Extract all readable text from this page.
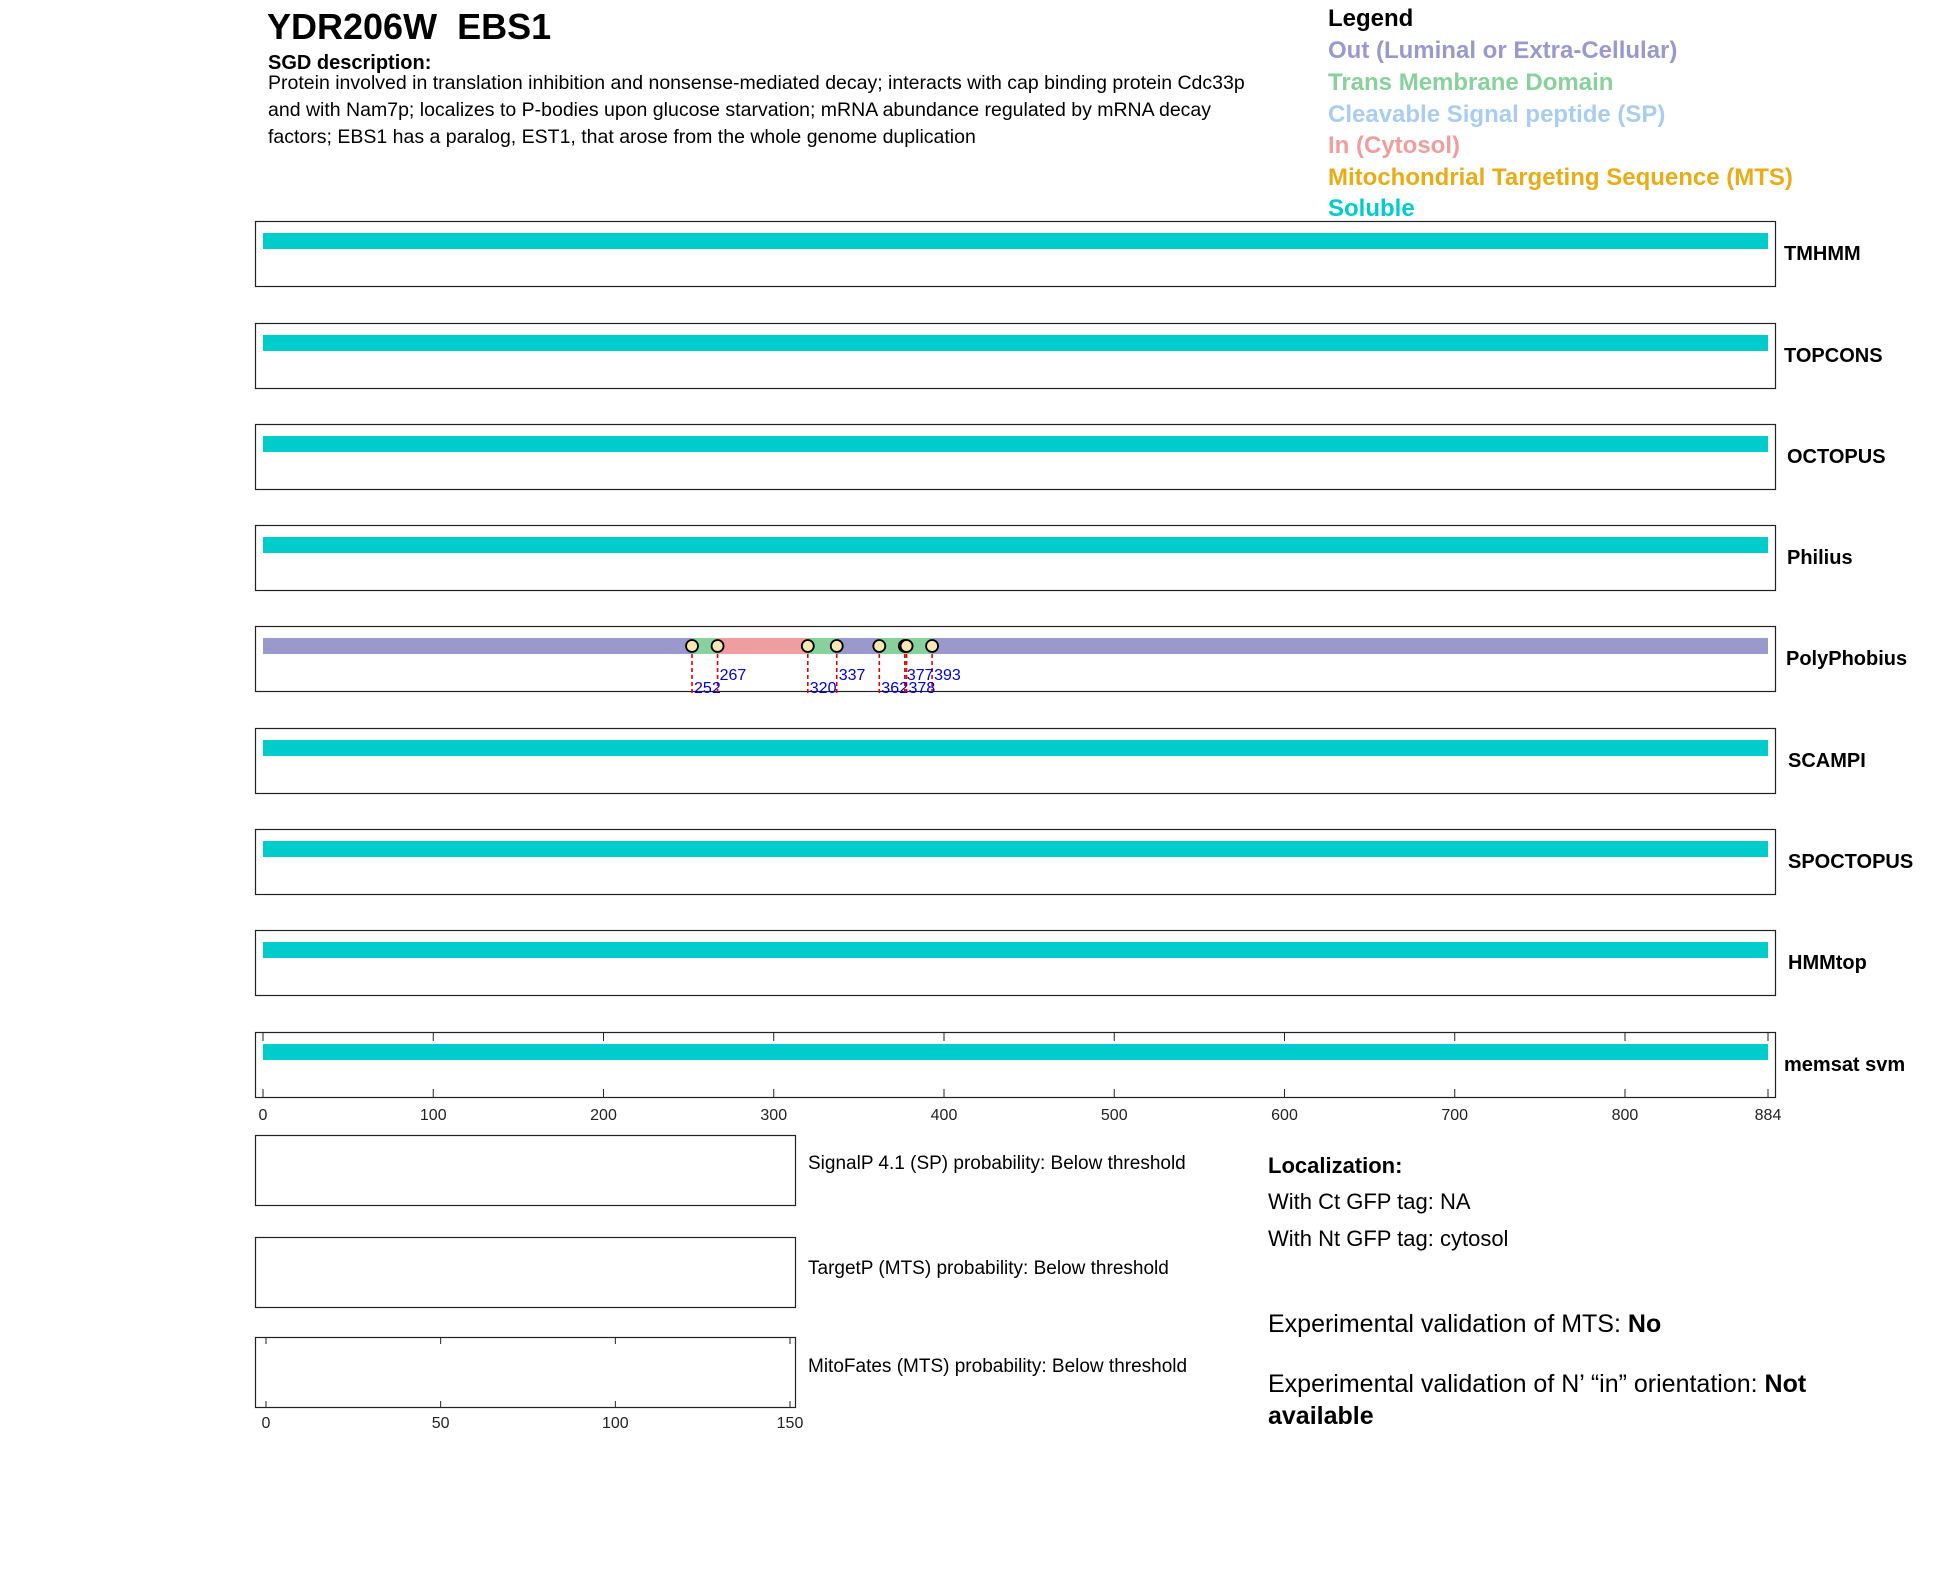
YDR206W EBS1
SGD description:
Protein involved in translation inhibition and nonsense-mediated decay; interacts with cap binding protein Cdc33p and with Nam7p; localizes to P-bodies upon glucose starvation; mRNA abundance regulated by mRNA decay factors; EBS1 has a paralog, EST1, that arose from the whole genome duplication
Legend
Out (Luminal or Extra-Cellular)
Trans Membrane Domain
Cleavable Signal peptide (SP)
In (Cytosol)
Mitochondrial Targeting Sequence (MTS)
Soluble
TMHMM
TOPCONS
OCTOPUS
Philius
252
267
320
337
362
377
378
393
PolyPhobius
SCAMPI
SPOCTOPUS
HMMtop
memsat svm
0	100	200	300	400	500	600	700	800	884
0	50	100	150
SignalP 4.1 (SP) probability: Below threshold
TargetP (MTS) probability: Below threshold
MitoFates (MTS) probability: Below threshold
Localization:
With Ct GFP tag: NA
With Nt GFP tag: cytosol
Experimental validation of MTS: No
Experimental validation of N’ “in” orientation: Not available
